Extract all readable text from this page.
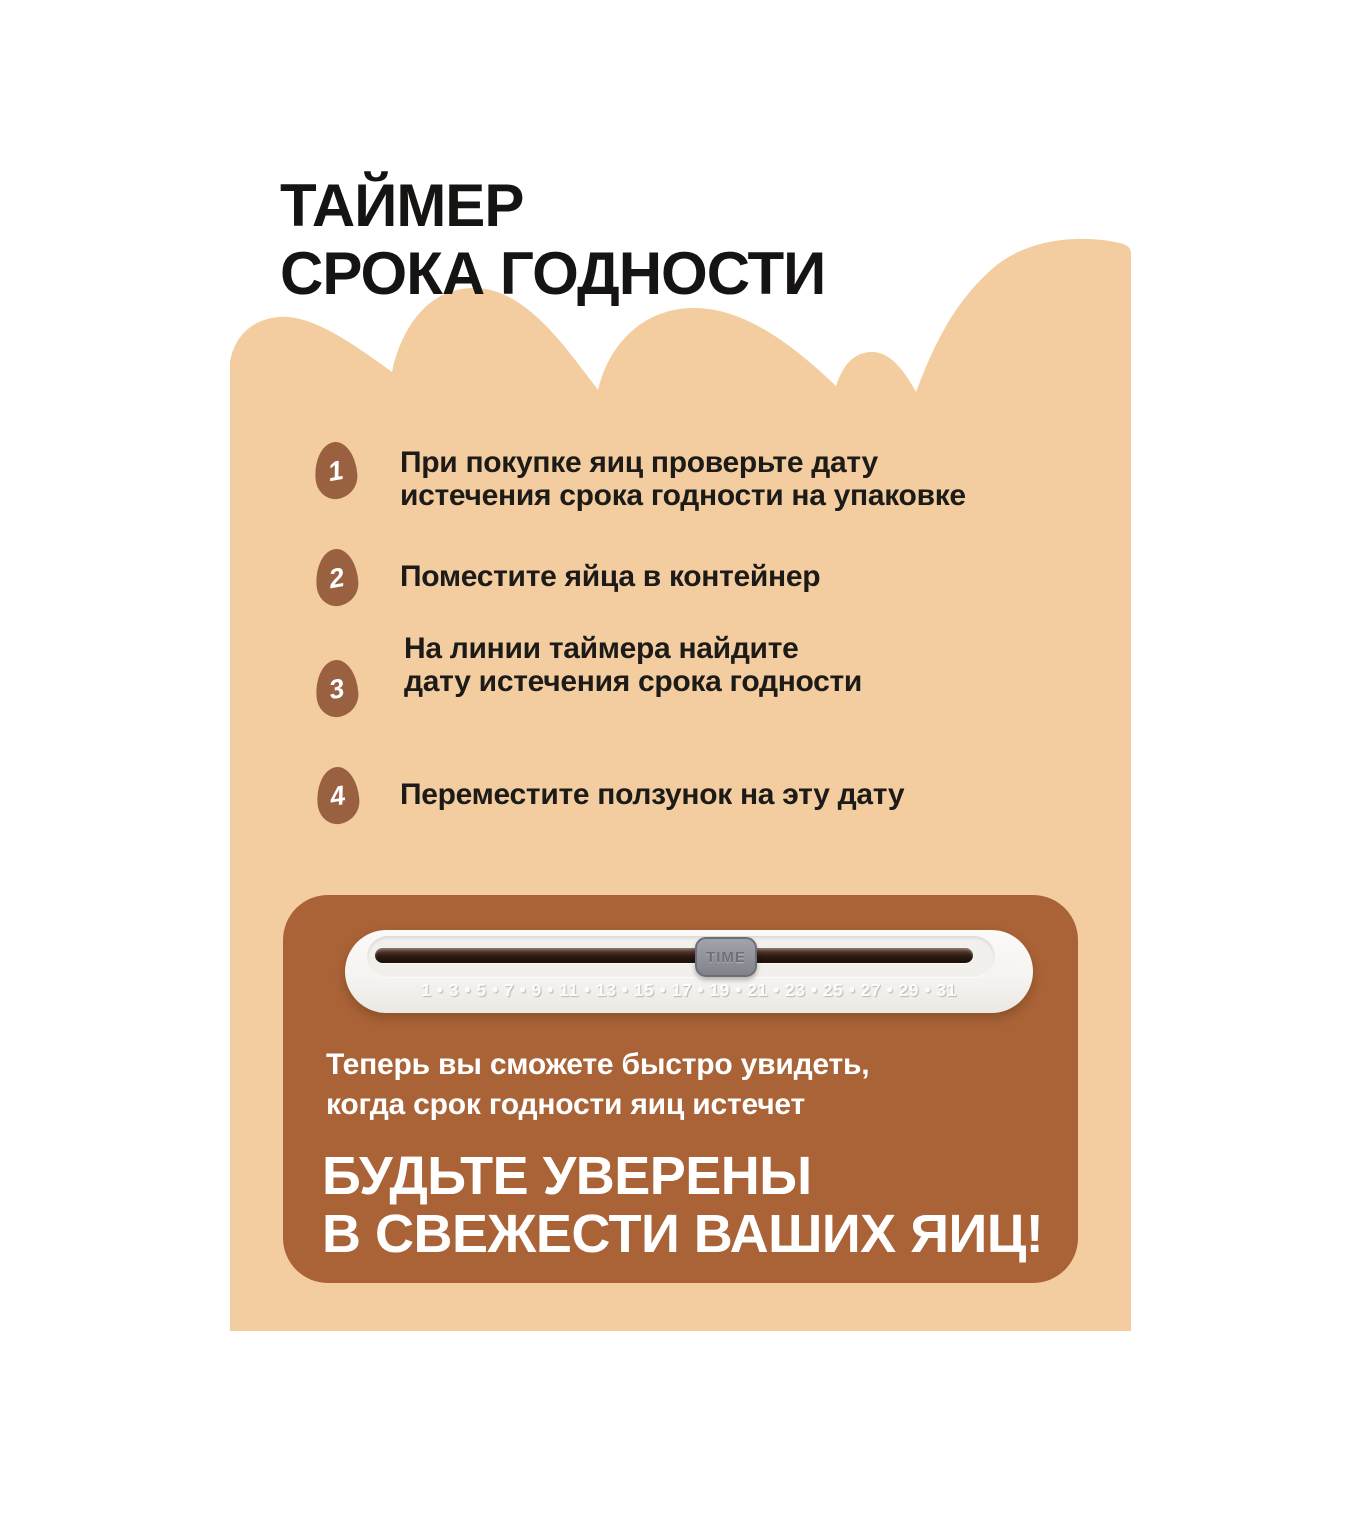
ТАЙМЕР
СРОКА ГОДНОСТИ
1 При покупке яиц проверьте дату
истечения срока годности на упаковке
2 Поместите яйца в контейнер
3
На линии таймера найдите
дату истечения срока годности
4 Переместите ползунок на эту дату
TIME
1 • 3 • 5 • 7 • 9 • 11 • 13 • 15 • 17 • 19 • 21 • 23 • 25 • 27 • 29 • 31
Теперь вы сможете быстро увидеть,
когда срок годности яиц истечет
БУДЬТЕ УВЕРЕНЫ
В СВЕЖЕСТИ ВАШИХ ЯИЦ!
